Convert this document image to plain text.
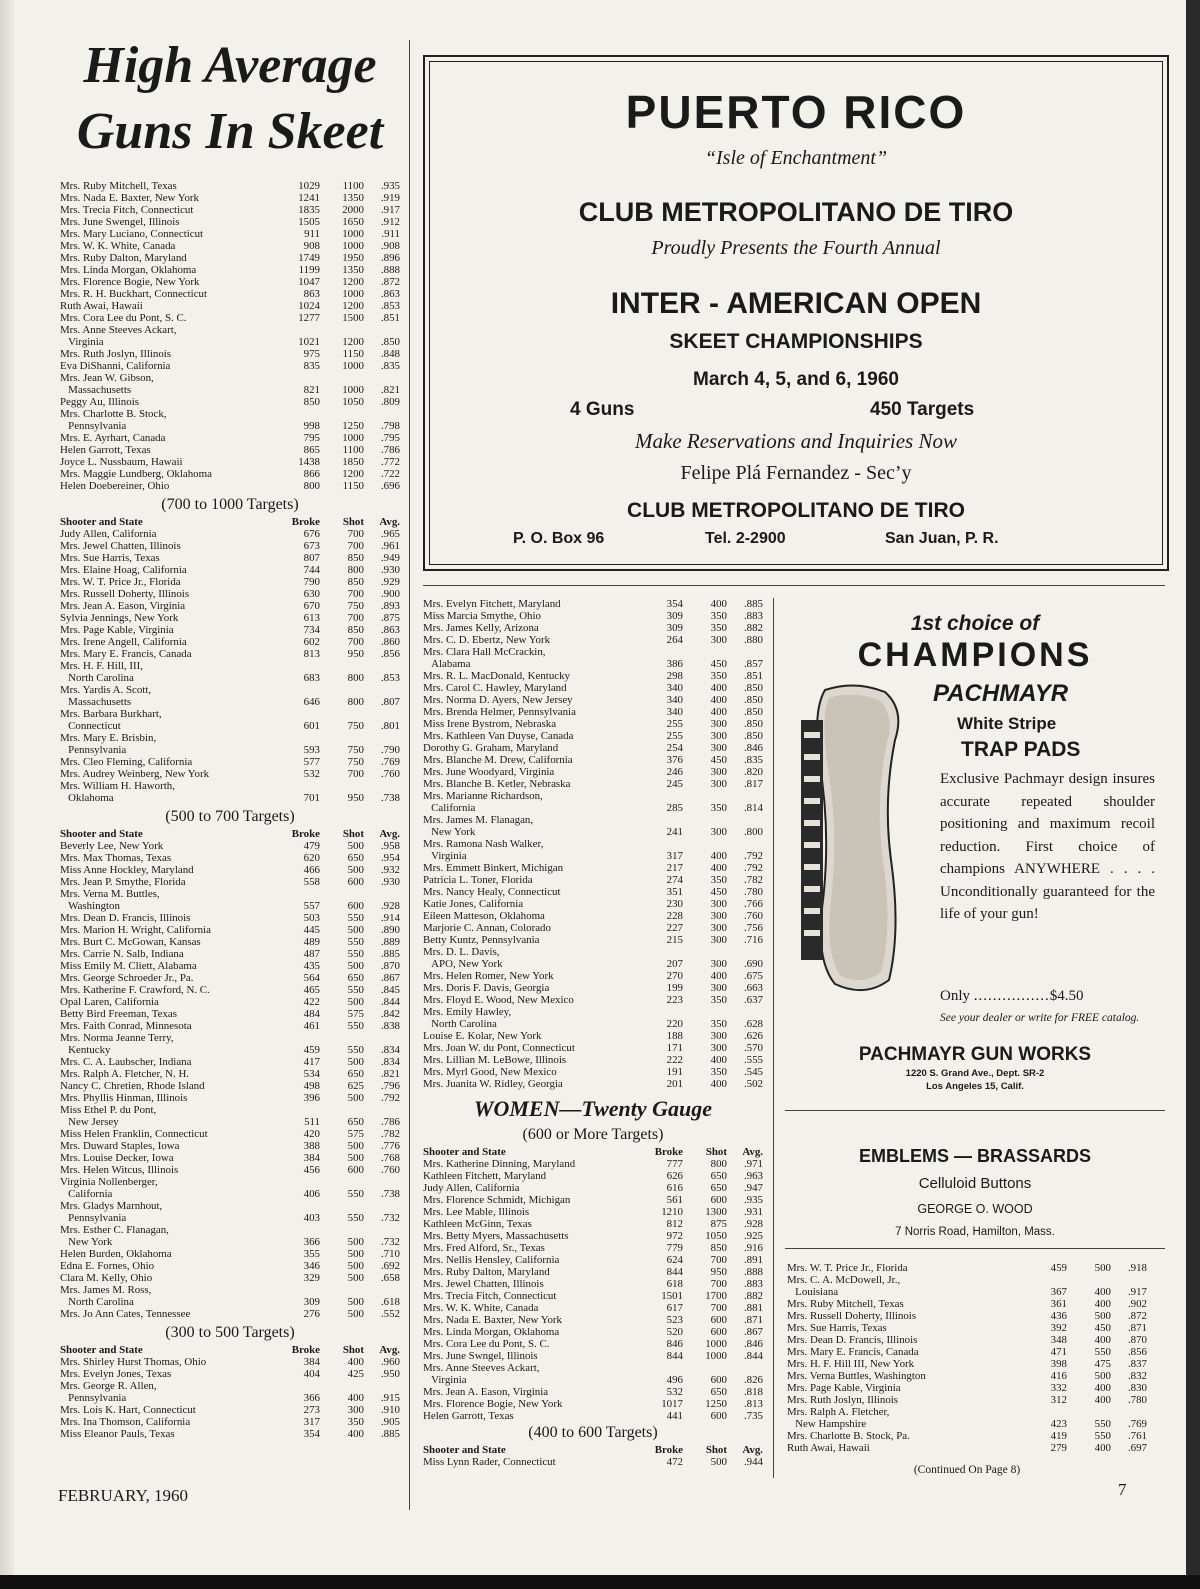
High Average
Guns In Skeet
Mrs. Ruby Mitchell, Texas	1029	1100	.935
Mrs. Nada E. Baxter, New York	1241	1350	.919
Mrs. Trecia Fitch, Connecticut	1835	2000	.917
Mrs. June Swengel, Illinois	1505	1650	.912
Mrs. Mary Luciano, Connecticut	911	1000	.911
Mrs. W. K. White, Canada	908	1000	.908
Mrs. Ruby Dalton, Maryland	1749	1950	.896
Mrs. Linda Morgan, Oklahoma	1199	1350	.888
Mrs. Florence Bogie, New York	1047	1200	.872
Mrs. R. H. Buckhart, Connecticut	863	1000	.863
Ruth Awai, Hawaii	1024	1200	.853
Mrs. Cora Lee du Pont, S. C.	1277	1500	.851
Mrs. Anne Steeves Ackart,
Virginia	1021	1200	.850
Mrs. Ruth Joslyn, Illinois	975	1150	.848
Eva DiShanni, California	835	1000	.835
Mrs. Jean W. Gibson,
Massachusetts	821	1000	.821
Peggy Au, Illinois	850	1050	.809
Mrs. Charlotte B. Stock,
Pennsylvania	998	1250	.798
Mrs. E. Ayrhart, Canada	795	1000	.795
Helen Garrott, Texas	865	1100	.786
Joyce L. Nussbaum, Hawaii	1438	1850	.772
Mrs. Maggie Lundberg, Oklahoma	866	1200	.722
Helen Doebereiner, Ohio	800	1150	.696
(700 to 1000 Targets)
Shooter and State	Broke	Shot	Avg.
Judy Allen, California	676	700	.965
Mrs. Jewel Chatten, Illinois	673	700	.961
Mrs. Sue Harris, Texas	807	850	.949
Mrs. Elaine Hoag, California	744	800	.930
Mrs. W. T. Price Jr., Florida	790	850	.929
Mrs. Russell Doherty, Illinois	630	700	.900
Mrs. Jean A. Eason, Virginia	670	750	.893
Sylvia Jennings, New York	613	700	.875
Mrs. Page Kable, Virginia	734	850	.863
Mrs. Irene Angell, California	602	700	.860
Mrs. Mary E. Francis, Canada	813	950	.856
Mrs. H. F. Hill, III,
North Carolina	683	800	.853
Mrs. Yardis A. Scott,
Massachusetts	646	800	.807
Mrs. Barbara Burkhart,
Connecticut	601	750	.801
Mrs. Mary E. Brisbin,
Pennsylvania	593	750	.790
Mrs. Cleo Fleming, California	577	750	.769
Mrs. Audrey Weinberg, New York	532	700	.760
Mrs. William H. Haworth,
Oklahoma	701	950	.738
(500 to 700 Targets)
Shooter and State	Broke	Shot	Avg.
Beverly Lee, New York	479	500	.958
Mrs. Max Thomas, Texas	620	650	.954
Miss Anne Hockley, Maryland	466	500	.932
Mrs. Jean P. Smythe, Florida	558	600	.930
Mrs. Verna M. Buttles,
Washington	557	600	.928
Mrs. Dean D. Francis, Illinois	503	550	.914
Mrs. Marion H. Wright, California	445	500	.890
Mrs. Burt C. McGowan, Kansas	489	550	.889
Mrs. Carrie N. Salb, Indiana	487	550	.885
Miss Emily M. Cliett, Alabama	435	500	.870
Mrs. George Schroeder Jr., Pa.	564	650	.867
Mrs. Katherine F. Crawford, N. C.	465	550	.845
Opal Laren, California	422	500	.844
Betty Bird Freeman, Texas	484	575	.842
Mrs. Faith Conrad, Minnesota	461	550	.838
Mrs. Norma Jeanne Terry,
Kentucky	459	550	.834
Mrs. C. A. Laubscher, Indiana	417	500	.834
Mrs. Ralph A. Fletcher, N. H.	534	650	.821
Nancy C. Chretien, Rhode Island	498	625	.796
Mrs. Phyllis Hinman, Illinois	396	500	.792
Miss Ethel P. du Pont,
New Jersey	511	650	.786
Miss Helen Franklin, Connecticut	420	575	.782
Mrs. Duward Staples, Iowa	388	500	.776
Mrs. Louise Decker, Iowa	384	500	.768
Mrs. Helen Witcus, Illinois	456	600	.760
Virginia Nollenberger,
California	406	550	.738
Mrs. Gladys Marnhout,
Pennsylvania	403	550	.732
Mrs. Esther C. Flanagan,
New York	366	500	.732
Helen Burden, Oklahoma	355	500	.710
Edna E. Fornes, Ohio	346	500	.692
Clara M. Kelly, Ohio	329	500	.658
Mrs. James M. Ross,
North Carolina	309	500	.618
Mrs. Jo Ann Cates, Tennessee	276	500	.552
(300 to 500 Targets)
Shooter and State	Broke	Shot	Avg.
Mrs. Shirley Hurst Thomas, Ohio	384	400	.960
Mrs. Evelyn Jones, Texas	404	425	.950
Mrs. George R. Allen,
Pennsylvania	366	400	.915
Mrs. Lois K. Hart, Connecticut	273	300	.910
Mrs. Ina Thomson, California	317	350	.905
Miss Eleanor Pauls, Texas	354	400	.885
PUERTO RICO
“Isle of Enchantment”
CLUB METROPOLITANO DE TIRO
Proudly Presents the Fourth Annual
INTER - AMERICAN OPEN
SKEET CHAMPIONSHIPS
March 4, 5, and 6, 1960
4 Guns	450 Targets
Make Reservations and Inquiries Now
Felipe Plá Fernandez - Sec’y
CLUB METROPOLITANO DE TIRO
P. O. Box 96	Tel. 2-2900	San Juan, P. R.
Mrs. Evelyn Fitchett, Maryland	354	400	.885
Miss Marcia Smythe, Ohio	309	350	.883
Mrs. James Kelly, Arizona	309	350	.882
Mrs. C. D. Ebertz, New York	264	300	.880
Mrs. Clara Hall McCrackin,
Alabama	386	450	.857
Mrs. R. L. MacDonald, Kentucky	298	350	.851
Mrs. Carol C. Hawley, Maryland	340	400	.850
Mrs. Norma D. Ayers, New Jersey	340	400	.850
Mrs. Brenda Helmer, Pennsylvania	340	400	.850
Miss Irene Bystrom, Nebraska	255	300	.850
Mrs. Kathleen Van Duyse, Canada	255	300	.850
Dorothy G. Graham, Maryland	254	300	.846
Mrs. Blanche M. Drew, California	376	450	.835
Mrs. June Woodyard, Virginia	246	300	.820
Mrs. Blanche B. Ketler, Nebraska	245	300	.817
Mrs. Marianne Richardson,
California	285	350	.814
Mrs. James M. Flanagan,
New York	241	300	.800
Mrs. Ramona Nash Walker,
Virginia	317	400	.792
Mrs. Emmett Binkert, Michigan	217	400	.792
Patricia L. Toner, Florida	274	350	.782
Mrs. Nancy Healy, Connecticut	351	450	.780
Katie Jones, California	230	300	.766
Eileen Matteson, Oklahoma	228	300	.760
Marjorie C. Annan, Colorado	227	300	.756
Betty Kuntz, Pennsylvania	215	300	.716
Mrs. D. L. Davis,
APO, New York	207	300	.690
Mrs. Helen Romer, New York	270	400	.675
Mrs. Doris F. Davis, Georgia	199	300	.663
Mrs. Floyd E. Wood, New Mexico	223	350	.637
Mrs. Emily Hawley,
North Carolina	220	350	.628
Louise E. Kolar, New York	188	300	.626
Mrs. Joan W. du Pont, Connecticut	171	300	.570
Mrs. Lillian M. LeBowe, Illinois	222	400	.555
Mrs. Myrl Good, New Mexico	191	350	.545
Mrs. Juanita W. Ridley, Georgia	201	400	.502
WOMEN—Twenty Gauge
(600 or More Targets)
Shooter and State	Broke	Shot	Avg.
Mrs. Katherine Dinning, Maryland	777	800	.971
Kathleen Fitchett, Maryland	626	650	.963
Judy Allen, California	616	650	.947
Mrs. Florence Schmidt, Michigan	561	600	.935
Mrs. Lee Mable, Illinois	1210	1300	.931
Kathleen McGinn, Texas	812	875	.928
Mrs. Betty Myers, Massachusetts	972	1050	.925
Mrs. Fred Alford, Sr., Texas	779	850	.916
Mrs. Nellis Hensley, California	624	700	.891
Mrs. Ruby Dalton, Maryland	844	950	.888
Mrs. Jewel Chatten, Illinois	618	700	.883
Mrs. Trecia Fitch, Connecticut	1501	1700	.882
Mrs. W. K. White, Canada	617	700	.881
Mrs. Nada E. Baxter, New York	523	600	.871
Mrs. Linda Morgan, Oklahoma	520	600	.867
Mrs. Cora Lee du Pont, S. C.	846	1000	.846
Mrs. June Swngel, Illinois	844	1000	.844
Mrs. Anne Steeves Ackart,
Virginia	496	600	.826
Mrs. Jean A. Eason, Virginia	532	650	.818
Mrs. Florence Bogie, New York	1017	1250	.813
Helen Garrott, Texas	441	600	.735
(400 to 600 Targets)
Shooter and State	Broke	Shot	Avg.
Miss Lynn Rader, Connecticut	472	500	.944
1st choice of
CHAMPIONS
PACHMAYR
White Stripe
TRAP PADS
Exclusive Pachmayr design insures accurate repeated shoulder positioning and maximum recoil reduction. First choice of champions ANYWHERE . . . . Unconditionally guaranteed for the life of your gun!
Only ................$4.50
See your dealer or write for FREE catalog.
PACHMAYR GUN WORKS
1220 S. Grand Ave., Dept. SR-2
Los Angeles 15, Calif.
EMBLEMS — BRASSARDS
Celluloid Buttons
GEORGE O. WOOD
7 Norris Road, Hamilton, Mass.
Mrs. W. T. Price Jr., Florida	459	500	.918
Mrs. C. A. McDowell, Jr.,
Louisiana	367	400	.917
Mrs. Ruby Mitchell, Texas	361	400	.902
Mrs. Russell Doherty, Illinois	436	500	.872
Mrs. Sue Harris, Texas	392	450	.871
Mrs. Dean D. Francis, Illinois	348	400	.870
Mrs. Mary E. Francis, Canada	471	550	.856
Mrs. H. F. Hill III, New York	398	475	.837
Mrs. Verna Buttles, Washington	416	500	.832
Mrs. Page Kable, Virginia	332	400	.830
Mrs. Ruth Joslyn, Illinois	312	400	.780
Mrs. Ralph A. Fletcher,
New Hampshire	423	550	.769
Mrs. Charlotte B. Stock, Pa.	419	550	.761
Ruth Awai, Hawaii	279	400	.697
(Continued On Page 8)
FEBRUARY, 1960	7
